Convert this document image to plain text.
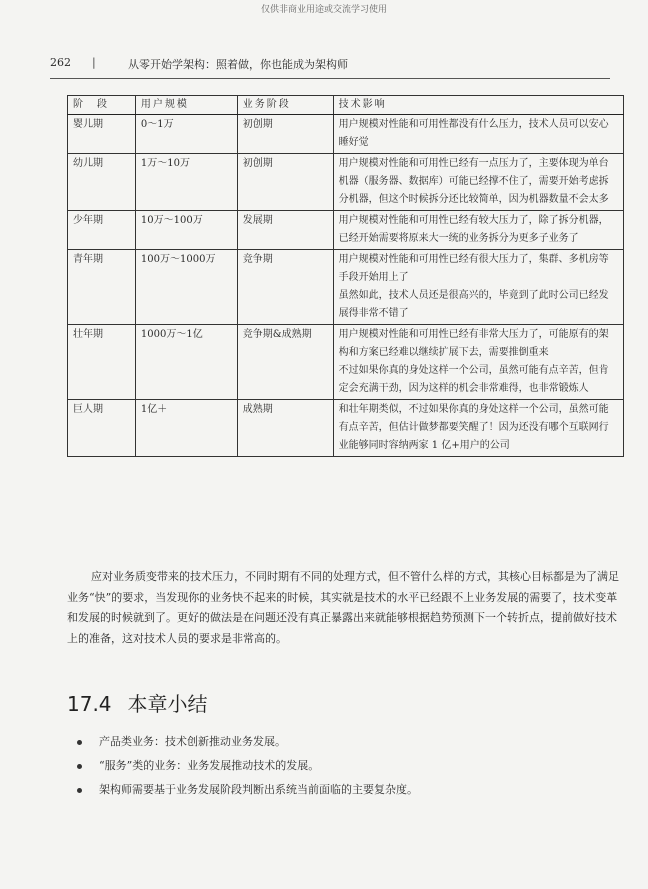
仅供非商业用途或交流学习使用
262 |	从零开始学架构：照着做，你也能成为架构师
阶　段	用户规模	业务阶段	技术影响
婴儿期	0～1万	初创期	用户规模对性能和可用性都没有什么压力，技术人员可以安心睡好觉

幼儿期	1万～10万	初创期	用户规模对性能和可用性已经有一点压力了，主要体现为单台机器（服务器、数据库）可能已经撑不住了，需要开始考虑拆分机器，但这个时候拆分还比较简单，因为机器数量不会太多

少年期	10万～100万	发展期	用户规模对性能和可用性已经有较大压力了，除了拆分机器，已经开始需要将原来大一统的业务拆分为更多子业务了

青年期	100万～1000万	竞争期	用户规模对性能和可用性已经有很大压力了，集群、多机房等手段开始用上了
虽然如此，技术人员还是很高兴的，毕竟到了此时公司已经发展得非常不错了

壮年期	1000万～1亿	竞争期&成熟期	用户规模对性能和可用性已经有非常大压力了，可能原有的架构和方案已经难以继续扩展下去，需要推倒重来
不过如果你真的身处这样一个公司，虽然可能有点辛苦，但肯定会充满干劲，因为这样的机会非常难得，也非常锻炼人

巨人期	1亿＋	成熟期	和壮年期类似，不过如果你真的身处这样一个公司，虽然可能有点辛苦，但估计做梦都要笑醒了！因为还没有哪个互联网行业能够同时容纳两家 1 亿+用户的公司

应对业务质变带来的技术压力，不同时期有不同的处理方式，但不管什么样的方式，其核心目标都是为了满足业务“快”的要求，当发现你的业务快不起来的时候，其实就是技术的水平已经跟不上业务发展的需要了，技术变革和发展的时候就到了。更好的做法是在问题还没有真正暴露出来就能够根据趋势预测下一个转折点，提前做好技术上的准备，这对技术人员的要求是非常高的。

17.4 本章小结
产品类业务：技术创新推动业务发展。
“服务”类的业务：业务发展推动技术的发展。
架构师需要基于业务发展阶段判断出系统当前面临的主要复杂度。
